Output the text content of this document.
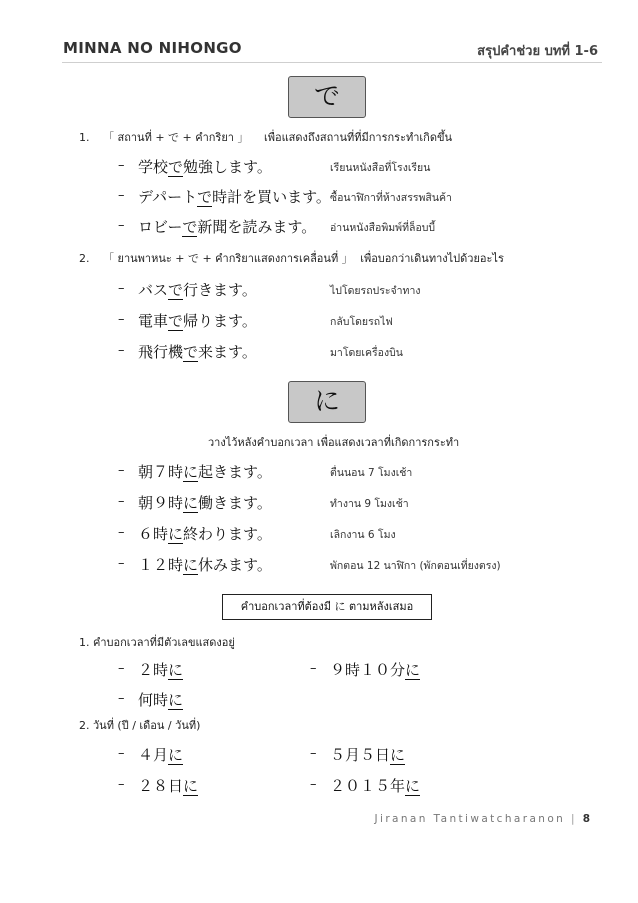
MINNA NO NIHONGO	สรุปคำช่วย บทที่ 1-6
で
1. 「 สถานที่ + で + คำกริยา 」 เพื่อแสดงถึงสถานที่ที่มีการกระทำเกิดขึ้น
– 学校で勉強します。	เรียนหนังสือที่โรงเรียน
– デパートで時計を買います。 ซื้อนาฬิกาที่ห้างสรรพสินค้า
– ロビーで新聞を読みます。 อ่านหนังสือพิมพ์ที่ล็อบบี้
2. 「 ยานพาหนะ + で + คำกริยาแสดงการเคลื่อนที่ 」 เพื่อบอกว่าเดินทางไปด้วยอะไร
– バスで行きます。	ไปโดยรถประจำทาง
– 電車で帰ります。	กลับโดยรถไฟ
– 飛行機で来ます。	มาโดยเครื่องบิน
に
วางไว้หลังคำบอกเวลา เพื่อแสดงเวลาที่เกิดการกระทำ
– 朝７時に起きます。	ตื่นนอน 7 โมงเช้า
– 朝９時に働きます。	ทำงาน 9 โมงเช้า
– ６時に終わります。	เลิกงาน 6 โมง
– １２時に休みます。	พักตอน 12 นาฬิกา (พักตอนเที่ยงตรง)
คำบอกเวลาที่ต้องมี に ตามหลังเสมอ
1. คำบอกเวลาที่มีตัวเลขแสดงอยู่
– ２時に	– ９時１０分に
– 何時に
2. วันที่ (ปี / เดือน / วันที่)
– ４月に	– ５月５日に
– ２８日に	– ２０１５年に
Jiranan Tantiwatcharanon | 8
